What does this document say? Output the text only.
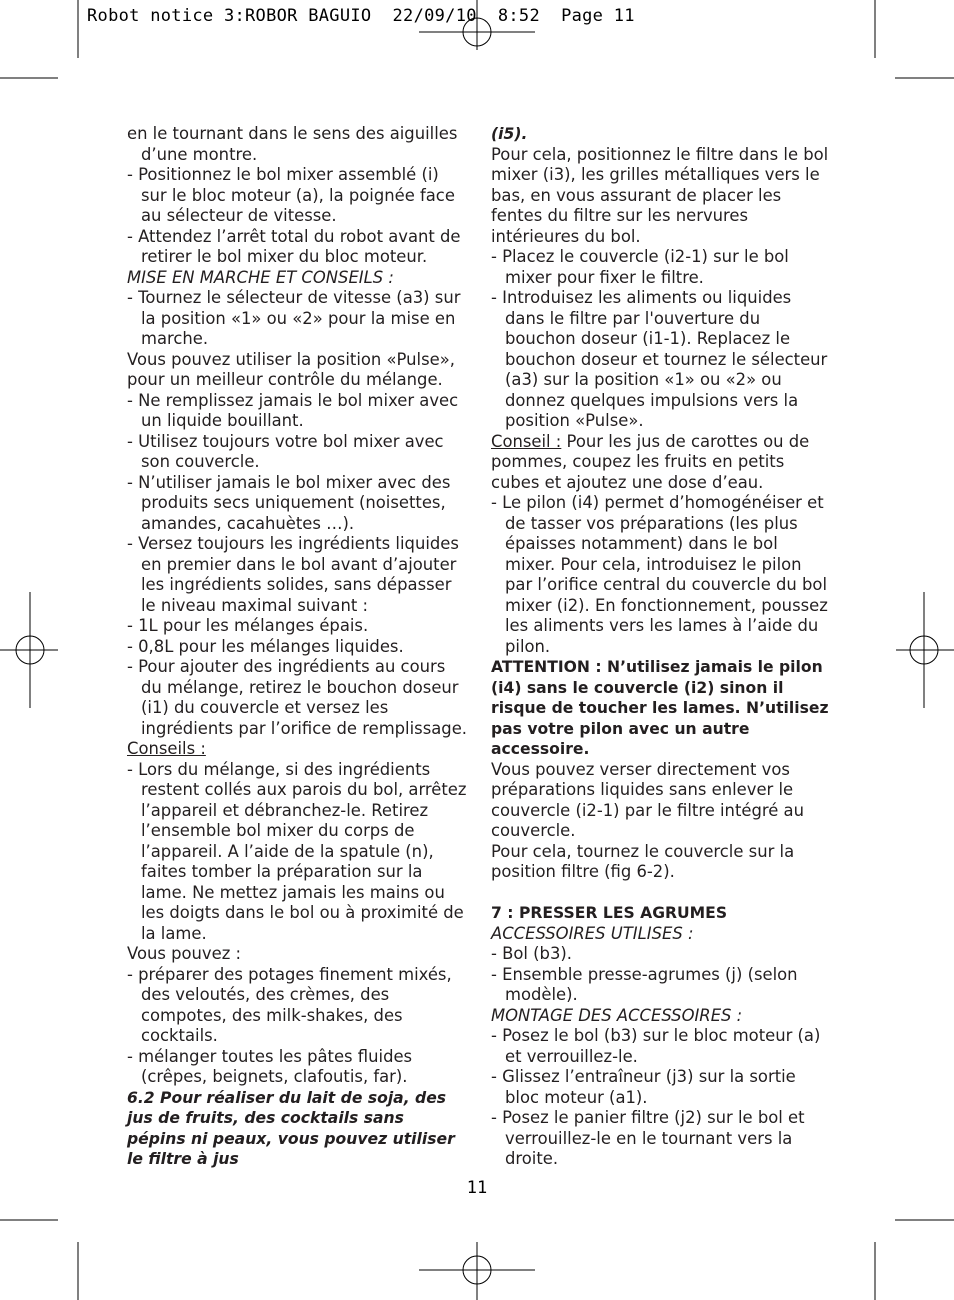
Robot notice 3:ROBOR BAGUIO  22/09/10  8:52  Page 11

en le tournant dans le sens des aiguilles d’une montre.

- Positionnez le bol mixer assemblé (i) sur le bloc moteur (a), la poignée face au sélecteur de vitesse.

- Attendez l’arrêt total du robot avant de retirer le bol mixer du bloc moteur.

MISE EN MARCHE ET CONSEILS :

- Tournez le sélecteur de vitesse (a3) sur la position «1» ou «2» pour la mise en marche.

Vous pouvez utiliser la position «Pulse», pour un meilleur contrôle du mélange.

- Ne remplissez jamais le bol mixer avec un liquide bouillant.

- Utilisez toujours votre bol mixer avec son couvercle.

- N’utiliser jamais le bol mixer avec des produits secs uniquement (noisettes, amandes, cacahuètes …).

- Versez toujours les ingrédients liquides en premier dans le bol avant d’ajouter les ingrédients solides, sans dépasser le niveau maximal suivant :

- 1L pour les mélanges épais.

- 0,8L pour les mélanges liquides.

- Pour ajouter des ingrédients au cours du mélange, retirez le bouchon doseur (i1) du couvercle et versez les ingrédients par l’orifice de remplissage.

Conseils :

- Lors du mélange, si des ingrédients restent collés aux parois du bol, arrêtez l’appareil et débranchez-le. Retirez l’ensemble bol mixer du corps de l’appareil. A l’aide de la spatule (n), faites tomber la préparation sur la lame. Ne mettez jamais les mains ou les doigts dans le bol ou à proximité de la lame.

Vous pouvez :

- préparer des potages finement mixés, des veloutés, des crèmes, des compotes, des milk-shakes, des cocktails.

- mélanger toutes les pâtes fluides (crêpes, beignets, clafoutis, far).

6.2 Pour réaliser du lait de soja, des jus de fruits, des cocktails sans pépins ni peaux, vous pouvez utiliser le filtre à jus

(i5).

Pour cela, positionnez le filtre dans le bol mixer (i3), les grilles métalliques vers le bas, en vous assurant de placer les fentes du filtre sur les nervures intérieures du bol.

- Placez le couvercle (i2-1) sur le bol mixer pour fixer le filtre.

- Introduisez les aliments ou liquides dans le filtre par l'ouverture du bouchon doseur (i1-1). Replacez le bouchon doseur et tournez le sélecteur (a3) sur la position «1» ou «2» ou donnez quelques impulsions vers la position «Pulse».

Conseil : Pour les jus de carottes ou de pommes, coupez les fruits en petits cubes et ajoutez une dose d’eau.

- Le pilon (i4) permet d’homogénéiser et de tasser vos préparations (les plus épaisses notamment) dans le bol mixer. Pour cela, introduisez le pilon par l’orifice central du couvercle du bol mixer (i2). En fonctionnement, poussez les aliments vers les lames à l’aide du pilon.

ATTENTION : N’utilisez jamais le pilon (i4) sans le couvercle (i2) sinon il risque de toucher les lames. N’utilisez pas votre pilon avec un autre accessoire.

Vous pouvez verser directement vos préparations liquides sans enlever le couvercle (i2-1) par le filtre intégré au couvercle.

Pour cela, tournez le couvercle sur la position filtre (fig 6-2).

7 : PRESSER LES AGRUMES

ACCESSOIRES UTILISES :

- Bol (b3).

- Ensemble presse-agrumes (j) (selon modèle).

MONTAGE DES ACCESSOIRES :

- Posez le bol (b3) sur le bloc moteur (a) et verrouillez-le.

- Glissez l’entraîneur (j3) sur la sortie bloc moteur (a1).

- Posez le panier filtre (j2) sur le bol et verrouillez-le en le tournant vers la droite.

11
